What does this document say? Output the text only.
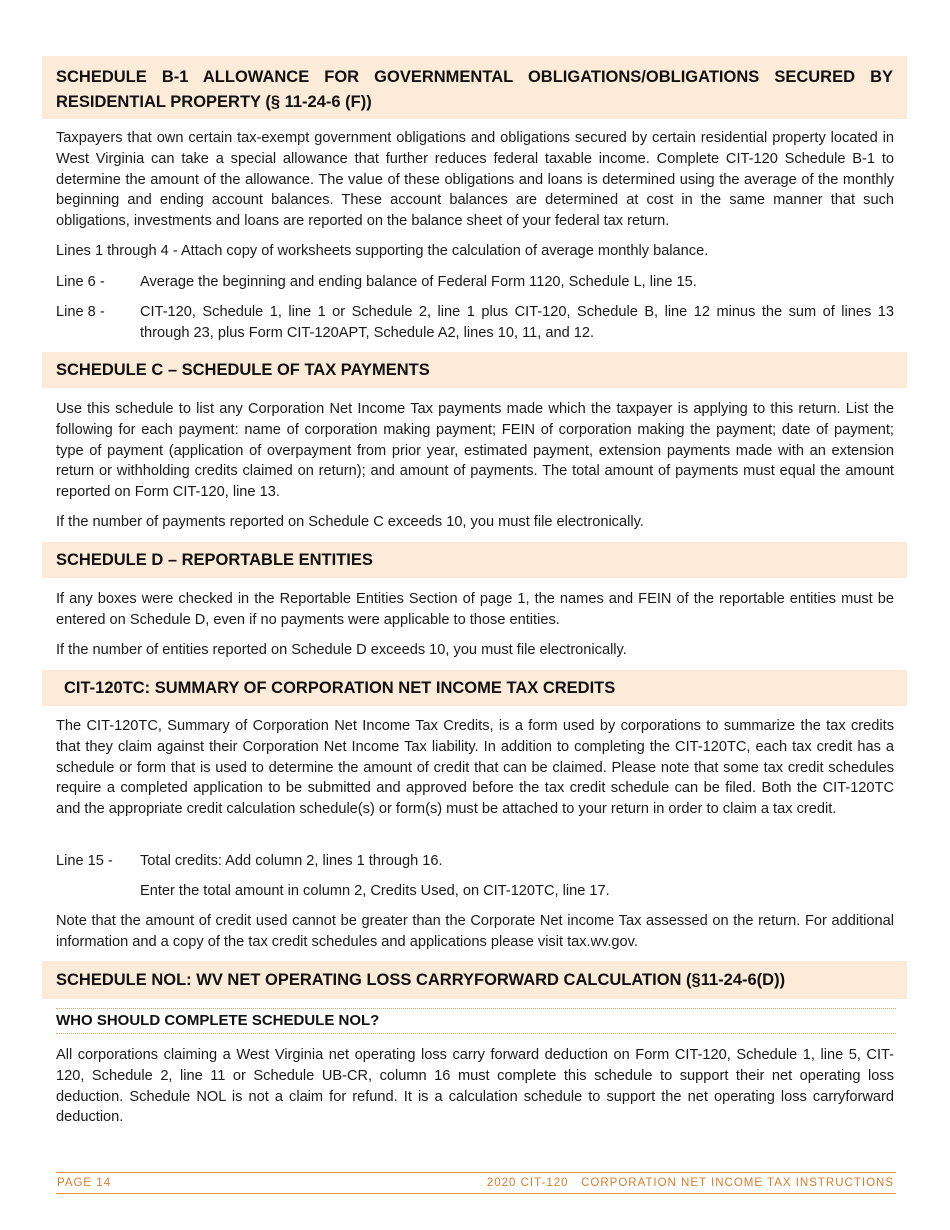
SCHEDULE B-1 ALLOWANCE FOR GOVERNMENTAL OBLIGATIONS/OBLIGATIONS SECURED BY
RESIDENTIAL PROPERTY (§ 11-24-6 (F))

Taxpayers that own certain tax-exempt government obligations and obligations secured by certain residential property located in West Virginia can take a special allowance that further reduces federal taxable income. Complete CIT-120 Schedule B-1 to determine the amount of the allowance. The value of these obligations and loans is determined using the average of the monthly beginning and ending account balances. These account balances are determined at cost in the same manner that such obligations, investments and loans are reported on the balance sheet of your federal tax return.

Lines 1 through 4 - Attach copy of worksheets supporting the calculation of average monthly balance.

Line 6 -	Average the beginning and ending balance of Federal Form 1120, Schedule L, line 15.
Line 8 -	CIT-120, Schedule 1, line 1 or Schedule 2, line 1 plus CIT-120, Schedule B, line 12 minus the sum of lines 13 through 23, plus Form CIT-120APT, Schedule A2, lines 10, 11, and 12.
SCHEDULE C – SCHEDULE OF TAX PAYMENTS

Use this schedule to list any Corporation Net Income Tax payments made which the taxpayer is applying to this return. List the following for each payment: name of corporation making payment; FEIN of corporation making the payment; date of payment; type of payment (application of overpayment from prior year, estimated payment, extension payments made with an extension return or withholding credits claimed on return); and amount of payments. The total amount of payments must equal the amount reported on Form CIT-120, line 13.

If the number of payments reported on Schedule C exceeds 10, you must file electronically.

SCHEDULE D – REPORTABLE ENTITIES

If any boxes were checked in the Reportable Entities Section of page 1, the names and FEIN of the reportable entities must be entered on Schedule D, even if no payments were applicable to those entities.

If the number of entities reported on Schedule D exceeds 10, you must file electronically.

CIT-120TC: SUMMARY OF CORPORATION NET INCOME TAX CREDITS

The CIT-120TC, Summary of Corporation Net Income Tax Credits, is a form used by corporations to summarize the tax credits that they claim against their Corporation Net Income Tax liability. In addition to completing the CIT-120TC, each tax credit has a schedule or form that is used to determine the amount of credit that can be claimed. Please note that some tax credit schedules require a completed application to be submitted and approved before the tax credit schedule can be filed. Both the CIT-120TC and the appropriate credit calculation schedule(s) or form(s) must be attached to your return in order to claim a tax credit.

Line 15 -	Total credits: Add column 2, lines 1 through 16.
Enter the total amount in column 2, Credits Used, on CIT-120TC, line 17.

Note that the amount of credit used cannot be greater than the Corporate Net income Tax assessed on the return. For additional information and a copy of the tax credit schedules and applications please visit tax.wv.gov.

SCHEDULE NOL: WV NET OPERATING LOSS CARRYFORWARD CALCULATION (§11-24-6(D))
WHO SHOULD COMPLETE SCHEDULE NOL?

All corporations claiming a West Virginia net operating loss carry forward deduction on Form CIT-120, Schedule 1, line 5, CIT-120, Schedule 2, line 11 or Schedule UB-CR, column 16 must complete this schedule to support their net operating loss deduction. Schedule NOL is not a claim for refund. It is a calculation schedule to support the net operating loss carryforward deduction.

PAGE 14	2020 CIT-120   CORPORATION NET INCOME TAX INSTRUCTIONS
